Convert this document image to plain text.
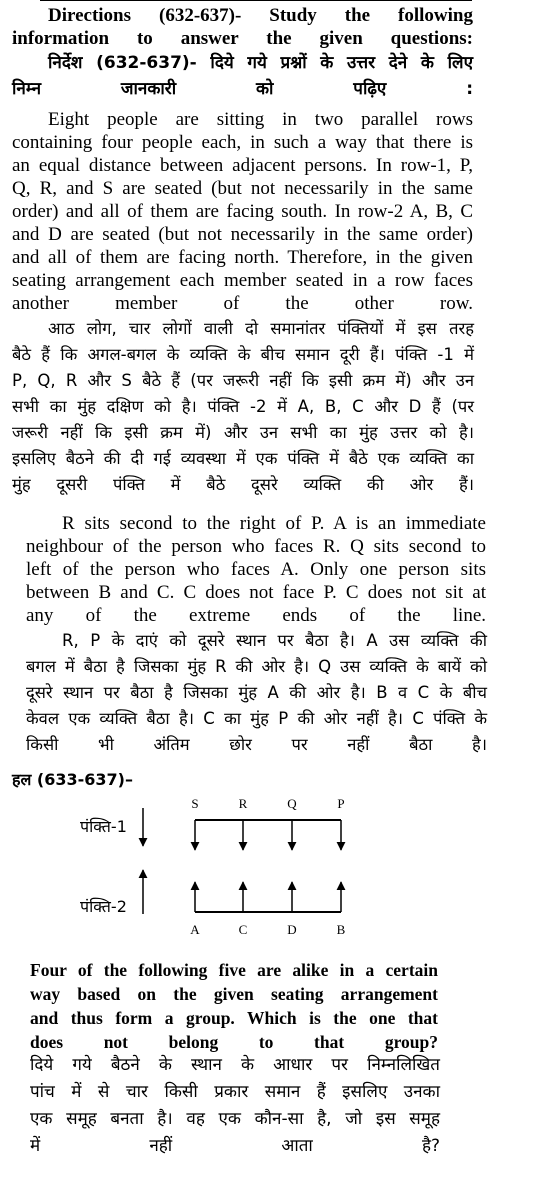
Directions (632-637)- Study the following
information to answer the given questions:
निर्देश (632-637)- दिये गये प्रश्नों के उत्तर देने के लिए
निम्न जानकारी को पढ़िए :
Eight people are sitting in two parallel rows
containing four people each, in such a way that there is
an equal distance between adjacent persons. In row-1, P,
Q, R, and S are seated (but not necessarily in the same
order) and all of them are facing south. In row-2 A, B, C
and D are seated (but not necessarily in the same order)
and all of them are facing north. Therefore, in the given
seating arrangement each member seated in a row faces
another member of the other row.
आठ लोग, चार लोगों वाली दो समानांतर पंक्तियों में इस तरह
बैठे हैं कि अगल-बगल के व्यक्ति के बीच समान दूरी हैं। पंक्ति -1 में
P, Q, R और S बैठे हैं (पर जरूरी नहीं कि इसी क्रम में) और उन
सभी का मुंह दक्षिण को है। पंक्ति -2 में A, B, C और D हैं (पर
जरूरी नहीं कि इसी क्रम में) और उन सभी का मुंह उत्तर को है।
इसलिए बैठने की दी गई व्यवस्था में एक पंक्ति में बैठे एक व्यक्ति का
मुंह दूसरी पंक्ति में बैठे दूसरे व्यक्ति की ओर हैं।
R sits second to the right of P. A is an immediate
neighbour of the person who faces R. Q sits second to
left of the person who faces A. Only one person sits
between B and C. C does not face P. C does not sit at
any of the extreme ends of the line.
R, P के दाएं को दूसरे स्थान पर बैठा है। A उस व्यक्ति की
बगल में बैठा है जिसका मुंह R की ओर है। Q उस व्यक्ति के बायें को
दूसरे स्थान पर बैठा है जिसका मुंह A की ओर है। B व C के बीच
केवल एक व्यक्ति बैठा है। C का मुंह P की ओर नहीं है। C पंक्ति के
किसी भी अंतिम छोर पर नहीं बैठा है।
हल (633-637)–
पंक्ति-1
पंक्ति-2
S	R	Q	P
A	C	D	B
Four of the following five are alike in a certain
way based on the given seating arrangement
and thus form a group. Which is the one that
does not belong to that group?
दिये गये बैठने के स्थान के आधार पर निम्नलिखित
पांच में से चार किसी प्रकार समान हैं इसलिए उनका
एक समूह बनता है। वह एक कौन-सा है, जो इस समूह
में नहीं आता है?
